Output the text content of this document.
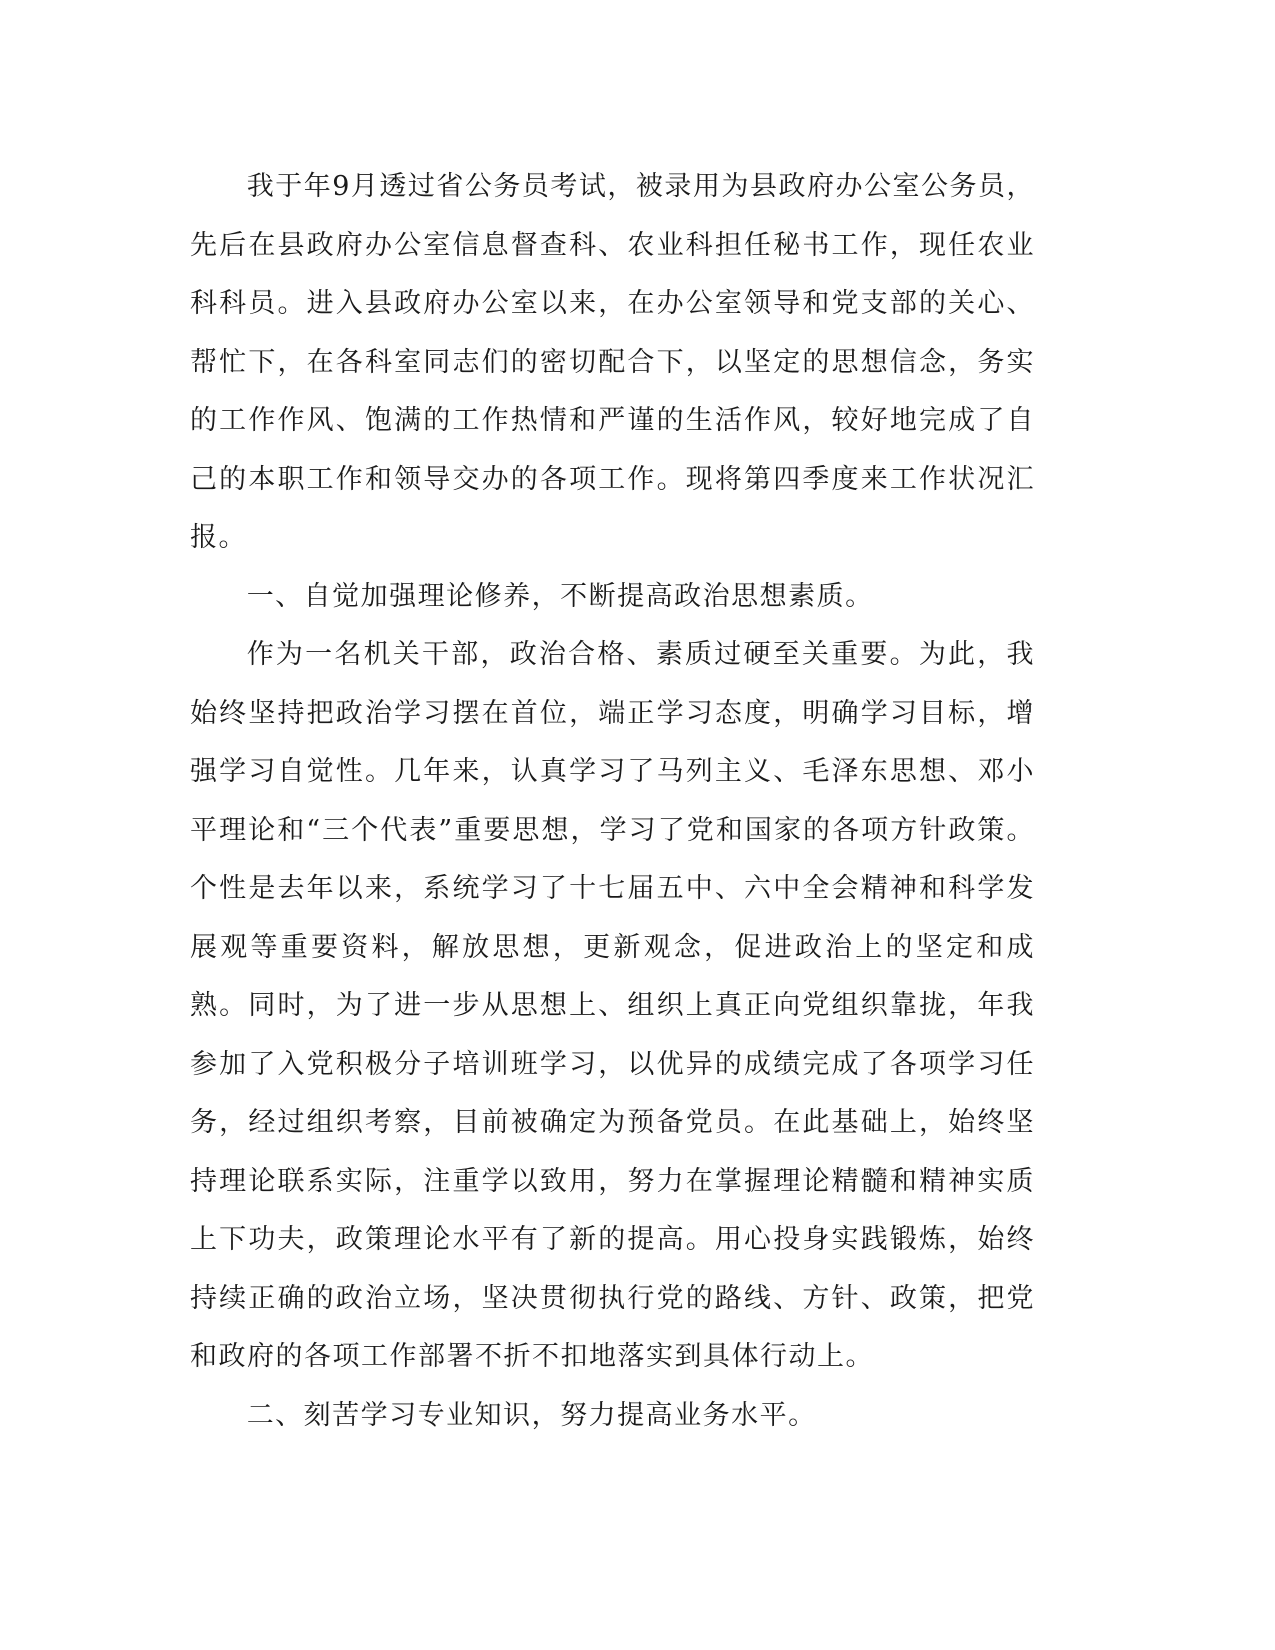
我于年9月透过省公务员考试，被录用为县政府办公室公务员，先后在县政府办公室信息督查科、农业科担任秘书工作，现任农业科科员。进入县政府办公室以来，在办公室领导和党支部的关心、帮忙下，在各科室同志们的密切配合下，以坚定的思想信念，务实的工作作风、饱满的工作热情和严谨的生活作风，较好地完成了自己的本职工作和领导交办的各项工作。现将第四季度来工作状况汇报。

一、自觉加强理论修养，不断提高政治思想素质。

作为一名机关干部，政治合格、素质过硬至关重要。为此，我始终坚持把政治学习摆在首位，端正学习态度，明确学习目标，增强学习自觉性。几年来，认真学习了马列主义、毛泽东思想、邓小平理论和“三个代表”重要思想，学习了党和国家的各项方针政策。个性是去年以来，系统学习了十七届五中、六中全会精神和科学发展观等重要资料，解放思想，更新观念，促进政治上的坚定和成熟。同时，为了进一步从思想上、组织上真正向党组织靠拢，年我参加了入党积极分子培训班学习，以优异的成绩完成了各项学习任务，经过组织考察，目前被确定为预备党员。在此基础上，始终坚持理论联系实际，注重学以致用，努力在掌握理论精髓和精神实质上下功夫，政策理论水平有了新的提高。用心投身实践锻炼，始终持续正确的政治立场，坚决贯彻执行党的路线、方针、政策，把党和政府的各项工作部署不折不扣地落实到具体行动上。

二、刻苦学习专业知识，努力提高业务水平。
